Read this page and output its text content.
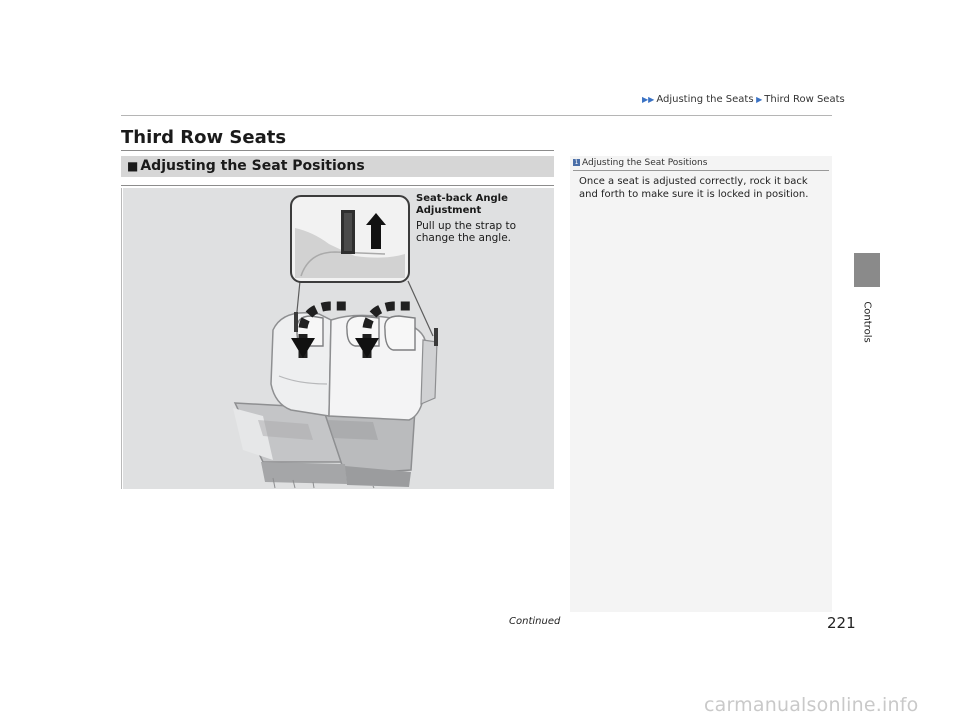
▶▶ Adjusting the Seats ▶ Third Row Seats
Third Row Seats
■ Adjusting the Seat Positions
Seat-back Angle
Adjustment
Pull up the strap to
change the angle.
1 Adjusting the Seat Positions
Once a seat is adjusted correctly, rock it back and forth to make sure it is locked in position.
Controls
Continued	221
carmanualsonline.info
